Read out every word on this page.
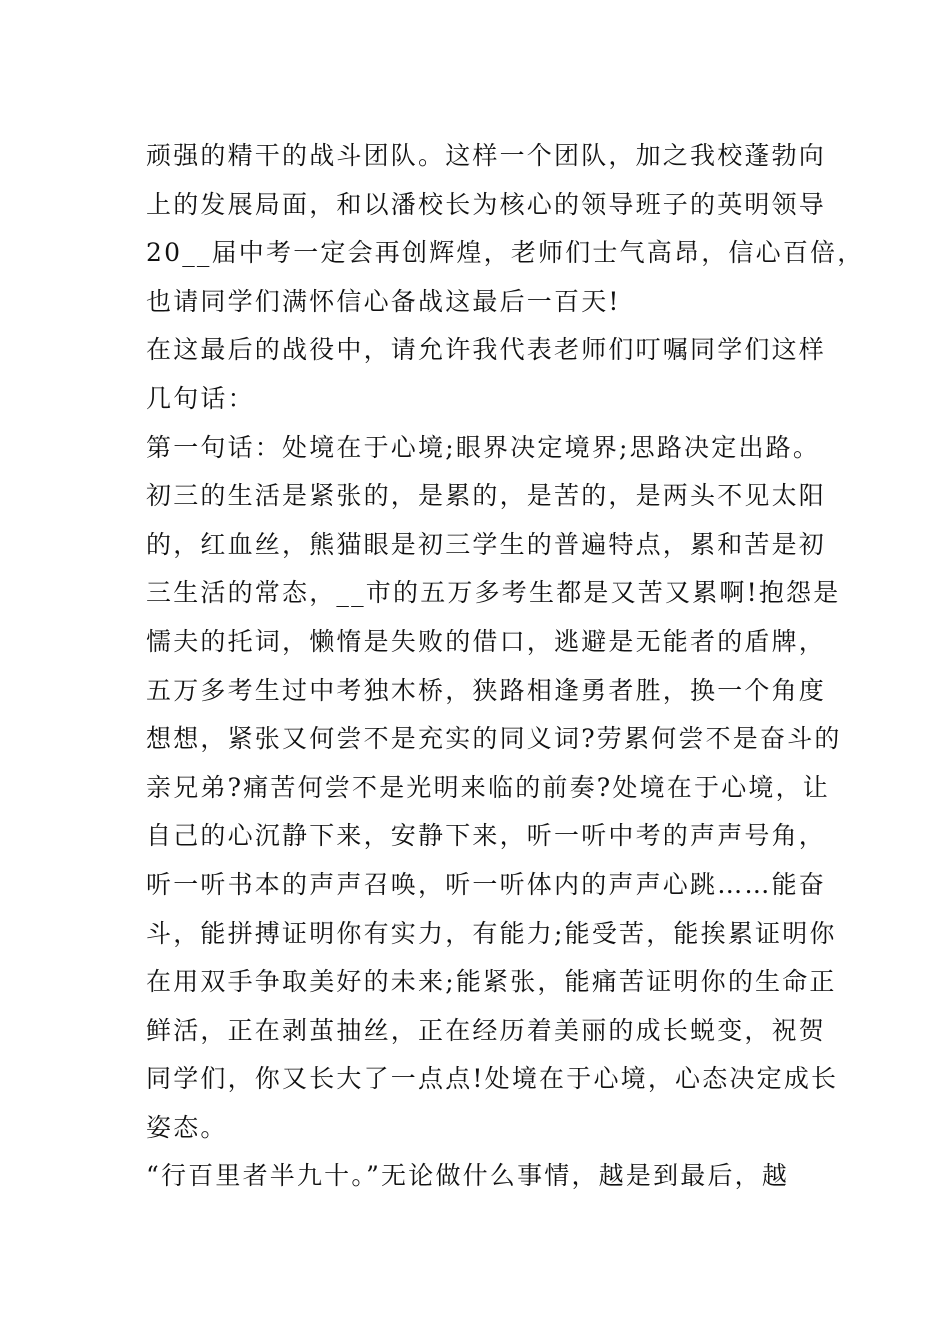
顽强的精干的战斗团队。这样一个团队，加之我校蓬勃向
上的发展局面，和以潘校长为核心的领导班子的英明领导
20__届中考一定会再创辉煌，老师们士气高昂，信心百倍，
也请同学们满怀信心备战这最后一百天!
在这最后的战役中，请允许我代表老师们叮嘱同学们这样
几句话：
第一句话：处境在于心境;眼界决定境界;思路决定出路。
初三的生活是紧张的，是累的，是苦的，是两头不见太阳
的，红血丝，熊猫眼是初三学生的普遍特点，累和苦是初
三生活的常态，__市的五万多考生都是又苦又累啊!抱怨是
懦夫的托词，懒惰是失败的借口，逃避是无能者的盾牌，
五万多考生过中考独木桥，狭路相逢勇者胜，换一个角度
想想，紧张又何尝不是充实的同义词?劳累何尝不是奋斗的
亲兄弟?痛苦何尝不是光明来临的前奏?处境在于心境，让
自己的心沉静下来，安静下来，听一听中考的声声号角，
听一听书本的声声召唤，听一听体内的声声心跳……能奋
斗，能拼搏证明你有实力，有能力;能受苦，能挨累证明你
在用双手争取美好的未来;能紧张，能痛苦证明你的生命正
鲜活，正在剥茧抽丝，正在经历着美丽的成长蜕变，祝贺
同学们，你又长大了一点点!处境在于心境，心态决定成长
姿态。
“行百里者半九十。”无论做什么事情，越是到最后，越
